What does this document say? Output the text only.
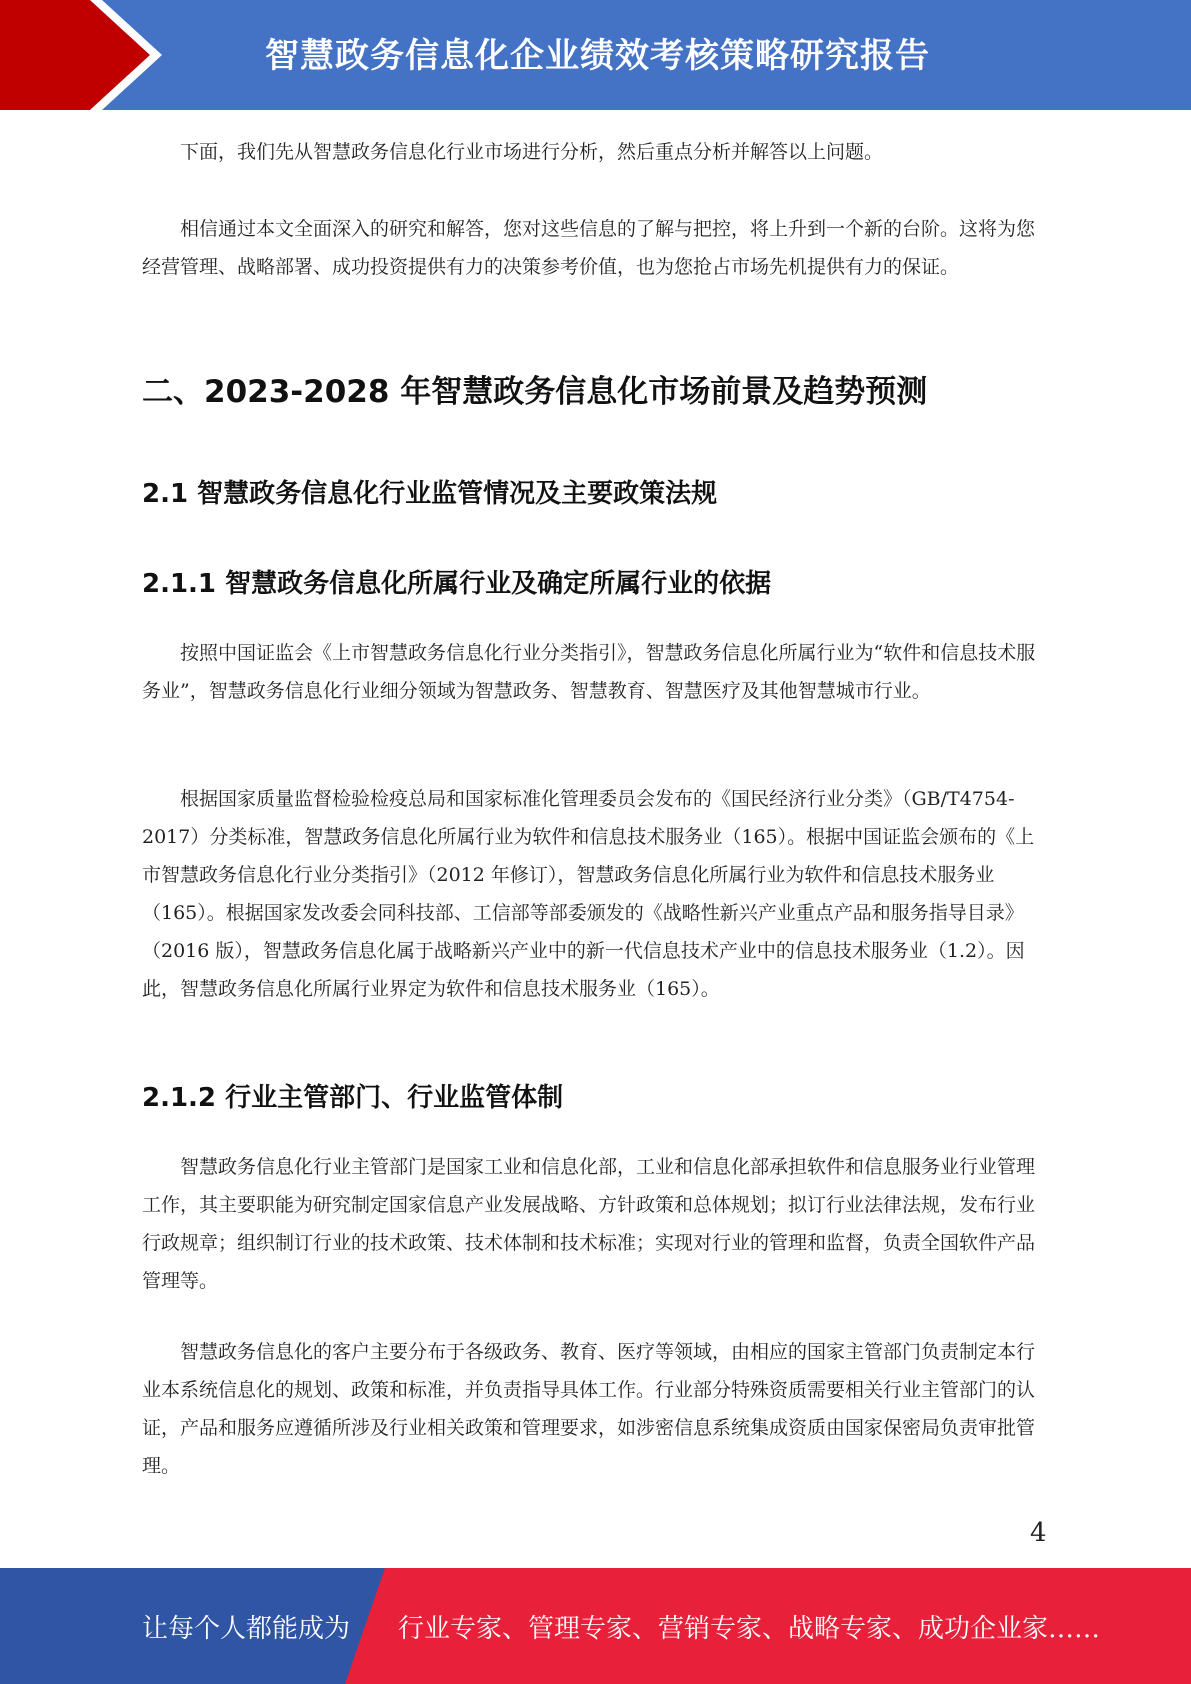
智慧政务信息化企业绩效考核策略研究报告

下面，我们先从智慧政务信息化行业市场进行分析，然后重点分析并解答以上问题。

相信通过本文全面深入的研究和解答，您对这些信息的了解与把控，将上升到一个新的台阶。这将为您经营管理、战略部署、成功投资提供有力的决策参考价值，也为您抢占市场先机提供有力的保证。

二、2023-2028 年智慧政务信息化市场前景及趋势预测
2.1 智慧政务信息化行业监管情况及主要政策法规
2.1.1 智慧政务信息化所属行业及确定所属行业的依据

按照中国证监会《上市智慧政务信息化行业分类指引》，智慧政务信息化所属行业为“软件和信息技术服务业”，智慧政务信息化行业细分领域为智慧政务、智慧教育、智慧医疗及其他智慧城市行业。

根据国家质量监督检验检疫总局和国家标准化管理委员会发布的《国民经济行业分类》（GB/T4754-2017）分类标准，智慧政务信息化所属行业为软件和信息技术服务业（165）。根据中国证监会颁布的《上市智慧政务信息化行业分类指引》（2012 年修订），智慧政务信息化所属行业为软件和信息技术服务业（165）。根据国家发改委会同科技部、工信部等部委颁发的《战略性新兴产业重点产品和服务指导目录》（2016 版），智慧政务信息化属于战略新兴产业中的新一代信息技术产业中的信息技术服务业（1.2）。因此，智慧政务信息化所属行业界定为软件和信息技术服务业（165）。

2.1.2 行业主管部门、行业监管体制

智慧政务信息化行业主管部门是国家工业和信息化部，工业和信息化部承担软件和信息服务业行业管理工作，其主要职能为研究制定国家信息产业发展战略、方针政策和总体规划；拟订行业法律法规，发布行业行政规章；组织制订行业的技术政策、技术体制和技术标准；实现对行业的管理和监督，负责全国软件产品管理等。

智慧政务信息化的客户主要分布于各级政务、教育、医疗等领域，由相应的国家主管部门负责制定本行业本系统信息化的规划、政策和标准，并负责指导具体工作。行业部分特殊资质需要相关行业主管部门的认证，产品和服务应遵循所涉及行业相关政策和管理要求，如涉密信息系统集成资质由国家保密局负责审批管理。

4
让每个人都能成为 行业专家、管理专家、营销专家、战略专家、成功企业家……
